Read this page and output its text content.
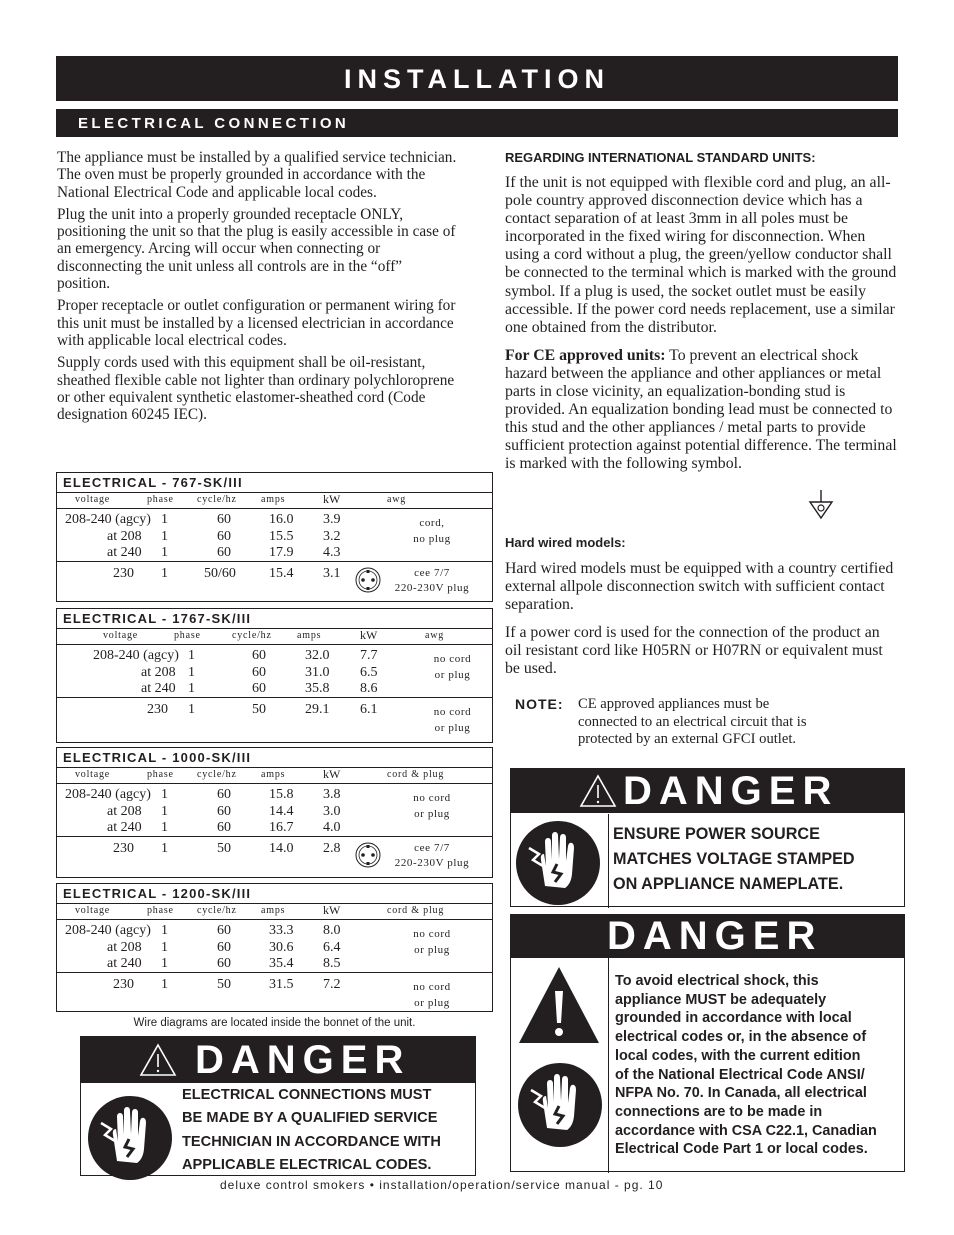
INSTALLATION
ELECTRICAL CONNECTION

The appliance must be installed by a qualified service technician. The oven must be properly grounded in accordance with the National Electrical Code and applicable local codes.

Plug the unit into a properly grounded receptacle ONLY, positioning the unit so that the plug is easily accessible in case of an emergency. Arcing will occur when connecting or disconnecting the unit unless all controls are in the “off” position.

Proper receptacle or outlet configuration or permanent wiring for this unit must be installed by a licensed electrician in accordance with applicable local electrical codes.

Supply cords used with this equipment shall be oil-resistant, sheathed flexible cable not lighter than ordinary polychloroprene or other equivalent synthetic elastomer-sheathed cord (Code designation 60245 IEC).

ELECTRICAL - 767-SK/III
voltage	phase cycle/hz amps	kW	awg
208-240 (agcy) 1	60	16.0 3.9
at 208 1	60	15.5 3.2
at 240 1	60	17.9 4.3
cord,
no plug
230 1	50/60 15.4 3.1	cee 7/7
220-230V plug
ELECTRICAL - 1767-SK/III
voltage	phase	cycle/hz	amps	kW	awg
208-240 (agcy) 1	60	32.0 7.7
at 208 1	60	31.0 6.5
at 240 1	60	35.8 8.6
no cord
or plug
230 1	50	29.1 6.1	no cord
or plug
ELECTRICAL - 1000-SK/III
voltage	phase cycle/hz amps	kW	cord & plug
208-240 (agcy) 1	60	15.8 3.8
at 208 1	60	14.4 3.0
at 240 1	60	16.7 4.0
no cord
or plug
230 1	50	14.0 2.8	cee 7/7
220-230V plug
ELECTRICAL - 1200-SK/III
voltage	phase cycle/hz amps	kW	cord & plug
208-240 (agcy) 1	60	33.3 8.0
at 208 1	60	30.6 6.4
at 240 1	60	35.4 8.5
no cord
or plug
230 1	50	31.5 7.2	no cord
or plug
Wire diagrams are located inside the bonnet of the unit.
DANGER
ELECTRICAL CONNECTIONS MUST
BE MADE BY A QUALIFIED SERVICE
TECHNICIAN IN ACCORDANCE WITH
APPLICABLE ELECTRICAL CODES.
REGARDING INTERNATIONAL STANDARD UNITS:

If the unit is not equipped with flexible cord and plug, an all-pole country approved disconnection device which has a contact separation of at least 3mm in all poles must be incorporated in the fixed wiring for disconnection. When using a cord without a plug, the green/yellow conductor shall be connected to the terminal which is marked with the ground symbol. If a plug is used, the socket outlet must be easily accessible. If the power cord needs replacement, use a similar one obtained from the distributor.

For CE approved units: To prevent an electrical shock hazard between the appliance and other appliances or metal parts in close vicinity, an equalization-bonding stud is provided. An equalization bonding lead must be connected to this stud and the other appliances / metal parts to provide sufficient protection against potential difference. The terminal is marked with the following symbol.

Hard wired models:

Hard wired models must be equipped with a country certified external allpole disconnection switch with sufficient contact separation.

If a power cord is used for the connection of the product an oil resistant cord like H05RN or H07RN or equivalent must be used.

NOTE: CE approved appliances must be
connected to an electrical circuit that is
protected by an external GFCI outlet.
DANGER
ENSURE POWER SOURCE
MATCHES VOLTAGE STAMPED
ON APPLIANCE NAMEPLATE.
DANGER
To avoid electrical shock, this
appliance MUST be adequately
grounded in accordance with local
electrical codes or, in the absence of
local codes, with the current edition
of the National Electrical Code ANSI/
NFPA No. 70. In Canada, all electrical
connections are to be made in
accordance with CSA C22.1, Canadian
Electrical Code Part 1 or local codes.
deluxe control smokers • installation/operation/service manual - pg. 10
